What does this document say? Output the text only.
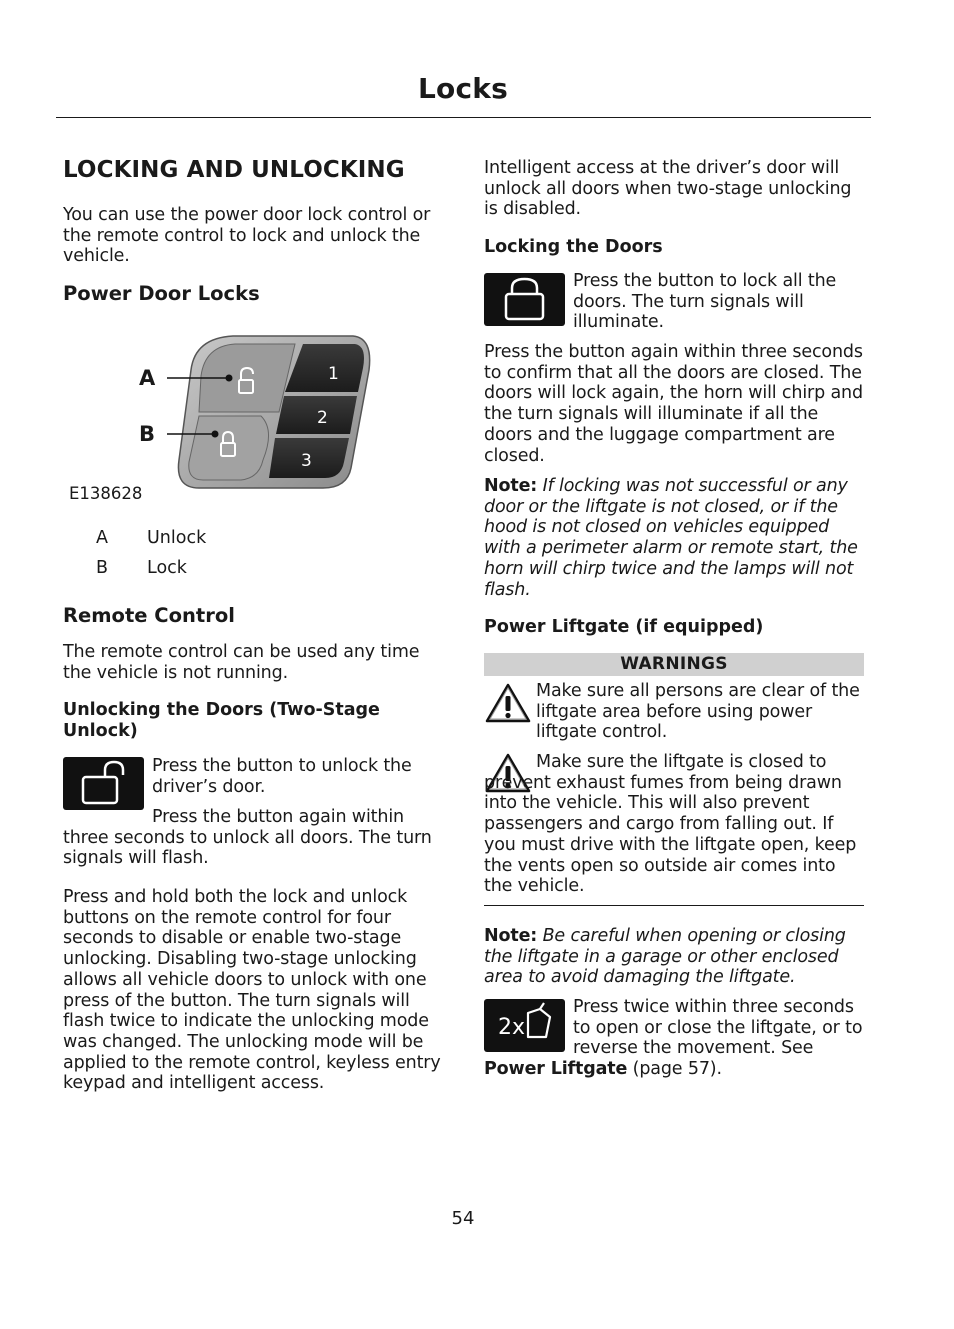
Locks
LOCKING AND UNLOCKING

You can use the power door lock control or the remote control to lock and unlock the vehicle.

Power Door Locks
1
2
3
A
B
E138628
A Unlock
B Lock
Remote Control

The remote control can be used any time the vehicle is not running.

Unlocking the Doors (Two-Stage Unlock)

Press the button to unlock the driver’s door.

Press the button again within three seconds to unlock all doors. The turn signals will flash.

Press and hold both the lock and unlock buttons on the remote control for four seconds to disable or enable two-stage unlocking. Disabling two-stage unlocking allows all vehicle doors to unlock with one press of the button. The turn signals will flash twice to indicate the unlocking mode was changed. The unlocking mode will be applied to the remote control, keyless entry keypad and intelligent access.

Intelligent access at the driver’s door will unlock all doors when two-stage unlocking is disabled.

Locking the Doors

Press the button to lock all the doors. The turn signals will illuminate.

Press the button again within three seconds to confirm that all the doors are closed. The doors will lock again, the horn will chirp and the turn signals will illuminate if all the doors and the luggage compartment are closed.

Note: If locking was not successful or any door or the liftgate is not closed, or if the hood is not closed on vehicles equipped with a perimeter alarm or remote start, the horn will chirp twice and the lamps will not flash.

Power Liftgate (if equipped)
WARNINGS

Make sure all persons are clear of the liftgate area before using power liftgate control.

Make sure the liftgate is closed to prevent exhaust fumes from being drawn into the vehicle. This will also prevent passengers and cargo from falling out. If you must drive with the liftgate open, keep the vents open so outside air comes into the vehicle.

Note: Be careful when opening or closing the liftgate in a garage or other enclosed area to avoid damaging the liftgate.

2x

Press twice within three seconds to open or close the liftgate, or to reverse the movement. See

Power Liftgate (page 57).

54
